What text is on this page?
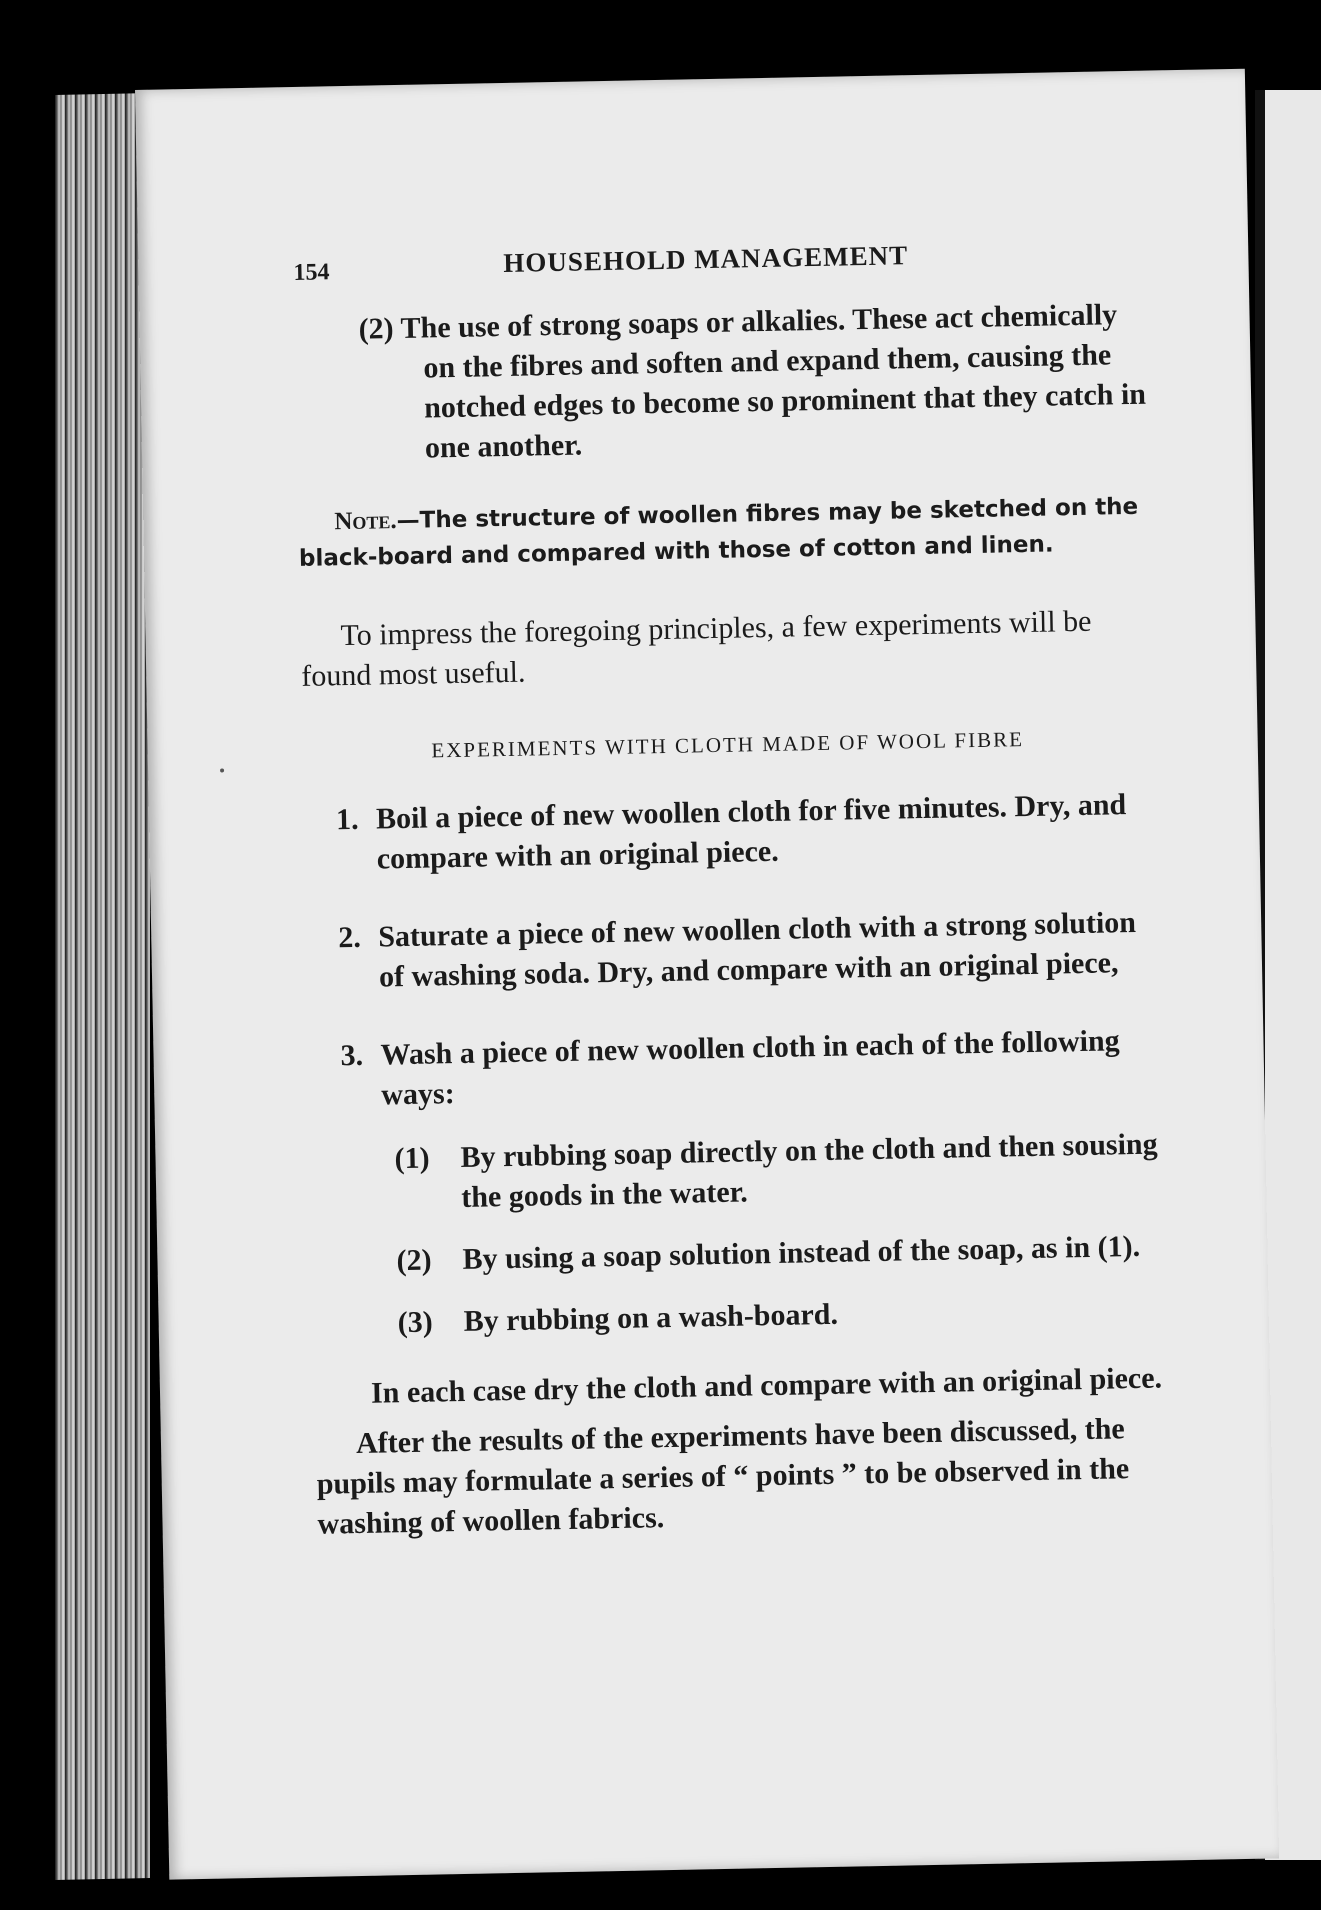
154	HOUSEHOLD MANAGEMENT

(2) The use of strong soaps or alkalies. These act chemically on the fibres and soften and expand them, causing the notched edges to become so prominent that they catch in one another.

Note.—The structure of woollen fibres may be sketched on the black-board and compared with those of cotton and linen.

To impress the foregoing principles, a few experiments will be found most useful.

EXPERIMENTS WITH CLOTH MADE OF WOOL FIBRE

1. Boil a piece of new woollen cloth for five minutes. Dry, and compare with an original piece.

2. Saturate a piece of new woollen cloth with a strong solution of washing soda. Dry, and compare with an original piece,

3. Wash a piece of new woollen cloth in each of the following ways:

(1) By rubbing soap directly on the cloth and then sousing the goods in the water.

(2) By using a soap solution instead of the soap, as in (1).

(3) By rubbing on a wash-board.

In each case dry the cloth and compare with an original piece.

After the results of the experiments have been discussed, the pupils may formulate a series of “ points ” to be observed in the washing of woollen fabrics.
